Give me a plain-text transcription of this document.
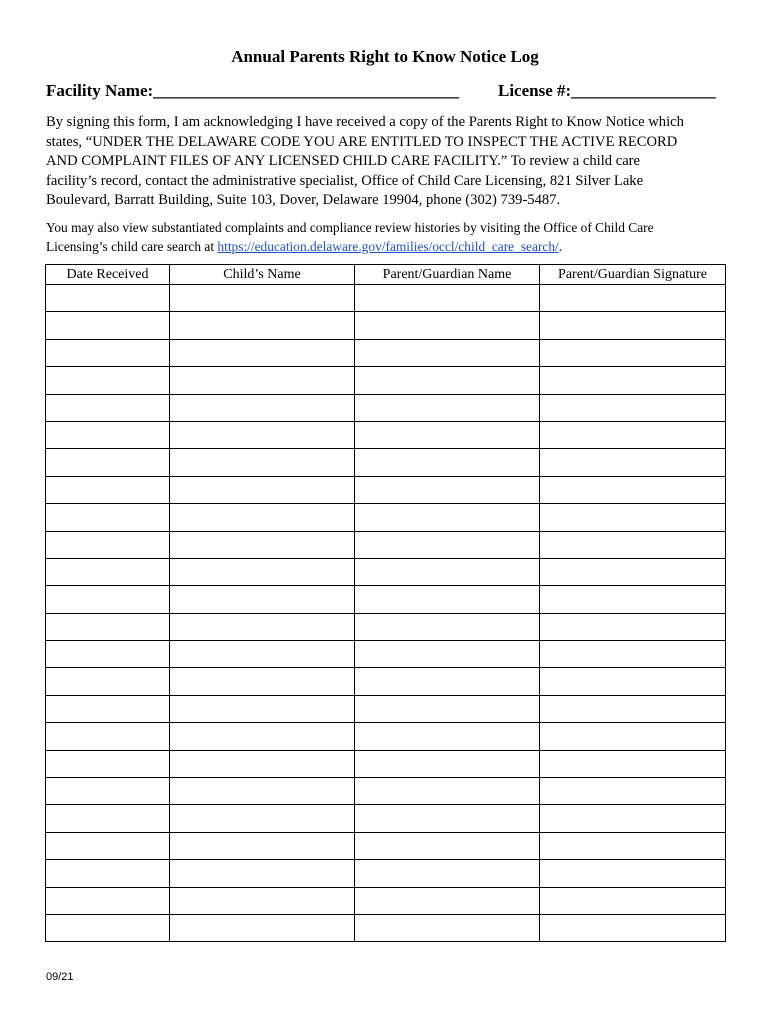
Annual Parents Right to Know Notice Log
Facility Name:____________________________________ License #:_________________
By signing this form, I am acknowledging I have received a copy of the Parents Right to Know Notice which
states, “UNDER THE DELAWARE CODE YOU ARE ENTITLED TO INSPECT THE ACTIVE RECORD
AND COMPLAINT FILES OF ANY LICENSED CHILD CARE FACILITY.” To review a child care
facility’s record, contact the administrative specialist, Office of Child Care Licensing, 821 Silver Lake
Boulevard, Barratt Building, Suite 103, Dover, Delaware 19904, phone (302) 739-5487.
You may also view substantiated complaints and compliance review histories by visiting the Office of Child Care
Licensing’s child care search at https://education.delaware.gov/families/occl/child_care_search/.
Date Received	Child’s Name	Parent/Guardian Name	Parent/Guardian Signature

09/21
